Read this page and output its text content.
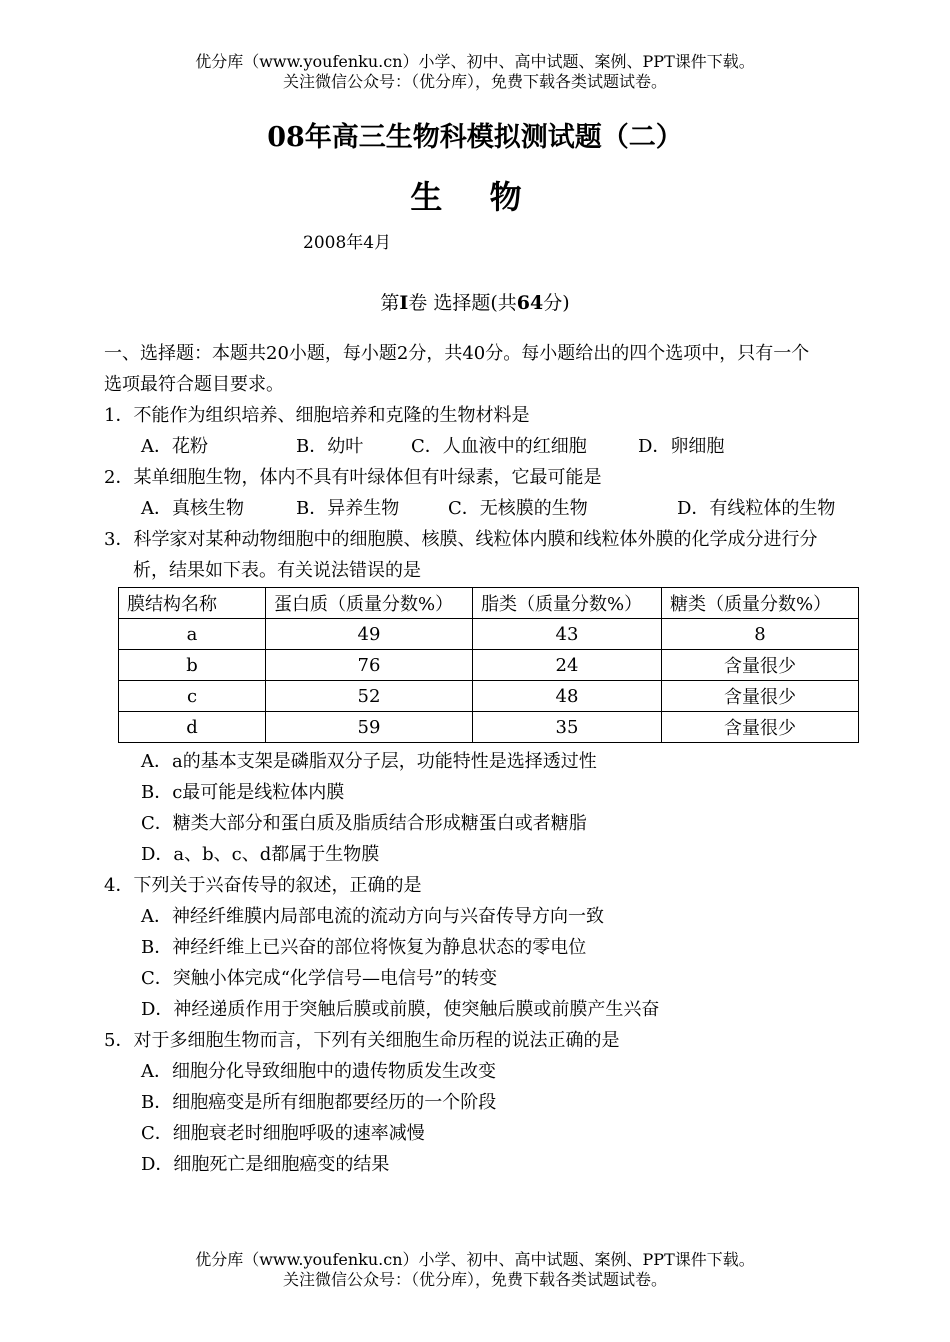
优分库（www.youfenku.cn）小学、初中、高中试题、案例、PPT课件下载。
关注微信公众号：（优分库），免费下载各类试题试卷。
08年高三生物科模拟测试题（二）
生 物
2008年4月
第I卷 选择题(共64分)
一、选择题：本题共20小题，每小题2分，共40分。每小题给出的四个选项中，只有一个
选项最符合题目要求。
1．不能作为组织培养、细胞培养和克隆的生物材料是
A．花粉	B．幼叶	C．人血液中的红细胞	D．卵细胞
2．某单细胞生物，体内不具有叶绿体但有叶绿素，它最可能是
A．真核生物	B．异养生物	C．无核膜的生物	D．有线粒体的生物
3．科学家对某种动物细胞中的细胞膜、核膜、线粒体内膜和线粒体外膜的化学成分进行分
析，结果如下表。有关说法错误的是
膜结构名称	蛋白质（质量分数%）	脂类（质量分数%）	糖类（质量分数%）
a	49	43	8
b	76	24	含量很少
c	52	48	含量很少
d	59	35	含量很少
A．a的基本支架是磷脂双分子层，功能特性是选择透过性
B．c最可能是线粒体内膜
C．糖类大部分和蛋白质及脂质结合形成糖蛋白或者糖脂
D．a、b、c、d都属于生物膜
4．下列关于兴奋传导的叙述，正确的是
A．神经纤维膜内局部电流的流动方向与兴奋传导方向一致
B．神经纤维上已兴奋的部位将恢复为静息状态的零电位
C．突触小体完成“化学信号—电信号”的转变
D．神经递质作用于突触后膜或前膜，使突触后膜或前膜产生兴奋
5．对于多细胞生物而言，下列有关细胞生命历程的说法正确的是
A．细胞分化导致细胞中的遗传物质发生改变
B．细胞癌变是所有细胞都要经历的一个阶段
C．细胞衰老时细胞呼吸的速率减慢
D．细胞死亡是细胞癌变的结果
优分库（www.youfenku.cn）小学、初中、高中试题、案例、PPT课件下载。
关注微信公众号：（优分库），免费下载各类试题试卷。
